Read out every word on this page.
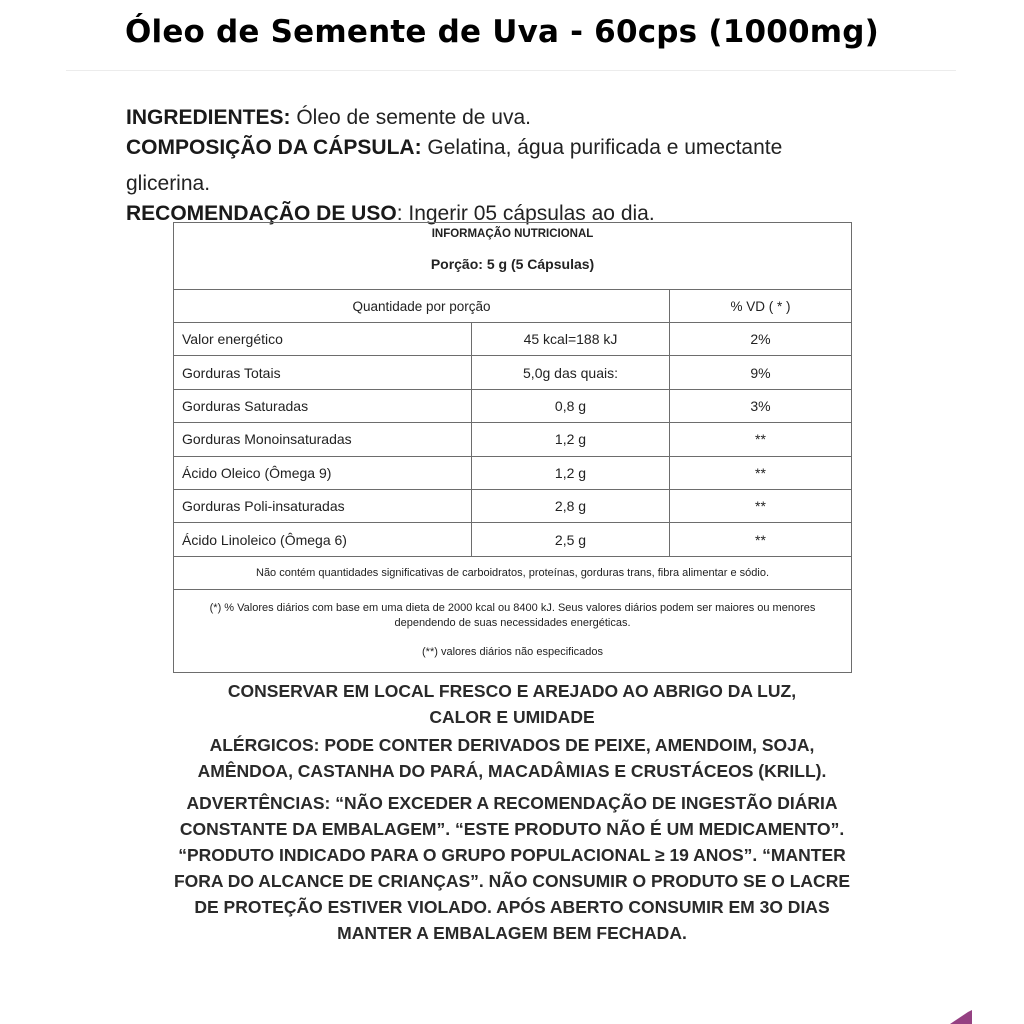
Óleo de Semente de Uva - 60cps (1000mg)

INGREDIENTES: Óleo de semente de uva.

COMPOSIÇÃO DA CÁPSULA: Gelatina, água purificada e umectante

glicerina.

RECOMENDAÇÃO DE USO: Ingerir 05 cápsulas ao dia.

INFORMAÇÃO NUTRICIONAL
Porção: 5 g (5 Cápsulas)		

Quantidade por porção		% VD ( * )
Valor energético	45 kcal=188 kJ	2%
Gorduras Totais	5,0g das quais:	9%
Gorduras Saturadas	0,8 g	3%
Gorduras Monoinsaturadas	1,2 g	**
Ácido Oleico (Ômega 9)	1,2 g	**
Gorduras Poli-insaturadas	2,8 g	**
Ácido Linoleico (Ômega 6)	2,5 g	**
Não contém quantidades significativas de carboidratos, proteínas, gorduras trans, fibra alimentar e sódio.		

(*) % Valores diários com base em uma dieta de 2000 kcal ou 8400 kJ. Seus valores diários podem ser maiores ou menores dependendo de suas necessidades energéticas.
(**) valores diários não especificados		

CONSERVAR EM LOCAL FRESCO E AREJADO AO ABRIGO DA LUZ,

CALOR E UMIDADE

ALÉRGICOS: PODE CONTER DERIVADOS DE PEIXE, AMENDOIM, SOJA,

AMÊNDOA, CASTANHA DO PARÁ, MACADÂMIAS E CRUSTÁCEOS (KRILL).

ADVERTÊNCIAS: “NÃO EXCEDER A RECOMENDAÇÃO DE INGESTÃO DIÁRIA

CONSTANTE DA EMBALAGEM”. “ESTE PRODUTO NÃO É UM MEDICAMENTO”.

“PRODUTO INDICADO PARA O GRUPO POPULACIONAL ≥ 19 ANOS”. “MANTER

FORA DO ALCANCE DE CRIANÇAS”. NÃO CONSUMIR O PRODUTO SE O LACRE

DE PROTEÇÃO ESTIVER VIOLADO. APÓS ABERTO CONSUMIR EM 3O DIAS

MANTER A EMBALAGEM BEM FECHADA.
